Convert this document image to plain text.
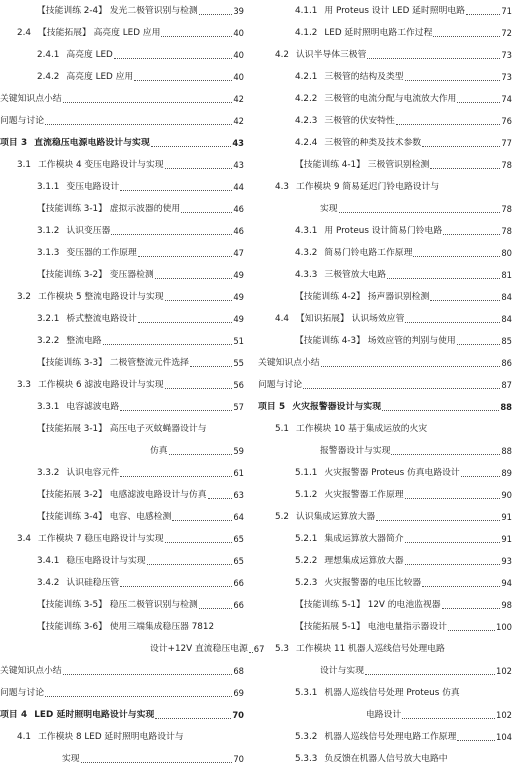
【技能训练 2-4】 发光二极管识别与检测	39
2.4 【技能拓展】 高亮度 LED 应用	40
2.4.1 高亮度 LED	40
2.4.2 高亮度 LED 应用	40
关键知识点小结	42
问题与讨论	42
项目 3 直流稳压电源电路设计与实现	43
3.1 工作模块 4 变压电路设计与实现	43
3.1.1 变压电路设计	44
【技能训练 3-1】 虚拟示波器的使用	46
3.1.2 认识变压器	46
3.1.3 变压器的工作原理	47
【技能训练 3-2】 变压器检测	49
3.2 工作模块 5 整流电路设计与实现	49
3.2.1 桥式整流电路设计	49
3.2.2 整流电路	51
【技能训练 3-3】 二极管整流元件选择	55
3.3 工作模块 6 滤波电路设计与实现	56
3.3.1 电容滤波电路	57
【技能拓展 3-1】 高压电子灭蚊蝇器设计与
仿真	59
3.3.2 认识电容元件	61
【技能拓展 3-2】 电感滤波电路设计与仿真	63
【技能训练 3-4】 电容、电感检测	64
3.4 工作模块 7 稳压电路设计与实现	65
3.4.1 稳压电路设计与实现	65
3.4.2 认识硅稳压管	66
【技能训练 3-5】 稳压二极管识别与检测	66
【技能训练 3-6】 使用三端集成稳压器 7812
设计+12V 直流稳压电源 67
关键知识点小结	68
问题与讨论	69
项目 4 LED 延时照明电路设计与实现	70
4.1 工作模块 8 LED 延时照明电路设计与
实现	70
4.1.1 用 Proteus 设计 LED 延时照明电路	71
4.1.2 LED 延时照明电路工作过程	72
4.2 认识半导体三极管	73
4.2.1 三极管的结构及类型	73
4.2.2 三极管的电流分配与电流放大作用	74
4.2.3 三极管的伏安特性	76
4.2.4 三极管的种类及技术参数	77
【技能训练 4-1】 三极管识别检测	78
4.3 工作模块 9 简易延迟门铃电路设计与
实现	78
4.3.1 用 Proteus 设计简易门铃电路	78
4.3.2 简易门铃电路工作原理	80
4.3.3 三极管放大电路	81
【技能训练 4-2】 扬声器识别检测	84
4.4 【知识拓展】 认识场效应管	84
【技能训练 4-3】 场效应管的判别与使用	85
关键知识点小结	86
问题与讨论	87
项目 5 火灾报警器设计与实现	88
5.1 工作模块 10 基于集成运放的火灾
报警器设计与实现	88
5.1.1 火灾报警器 Proteus 仿真电路设计	89
5.1.2 火灾报警器工作原理	90
5.2 认识集成运算放大器	91
5.2.1 集成运算放大器简介	91
5.2.2 理想集成运算放大器	93
5.2.3 火灾报警器的电压比较器	94
【技能训练 5-1】 12V 的电池监视器	98
【技能拓展 5-1】 电池电量指示器设计	100
5.3 工作模块 11 机器人巡线信号处理电路
设计与实现	102
5.3.1 机器人巡线信号处理 Proteus 仿真
电路设计	102
5.3.2 机器人巡线信号处理电路工作原理	104
5.3.3 负反馈在机器人信号放大电路中
